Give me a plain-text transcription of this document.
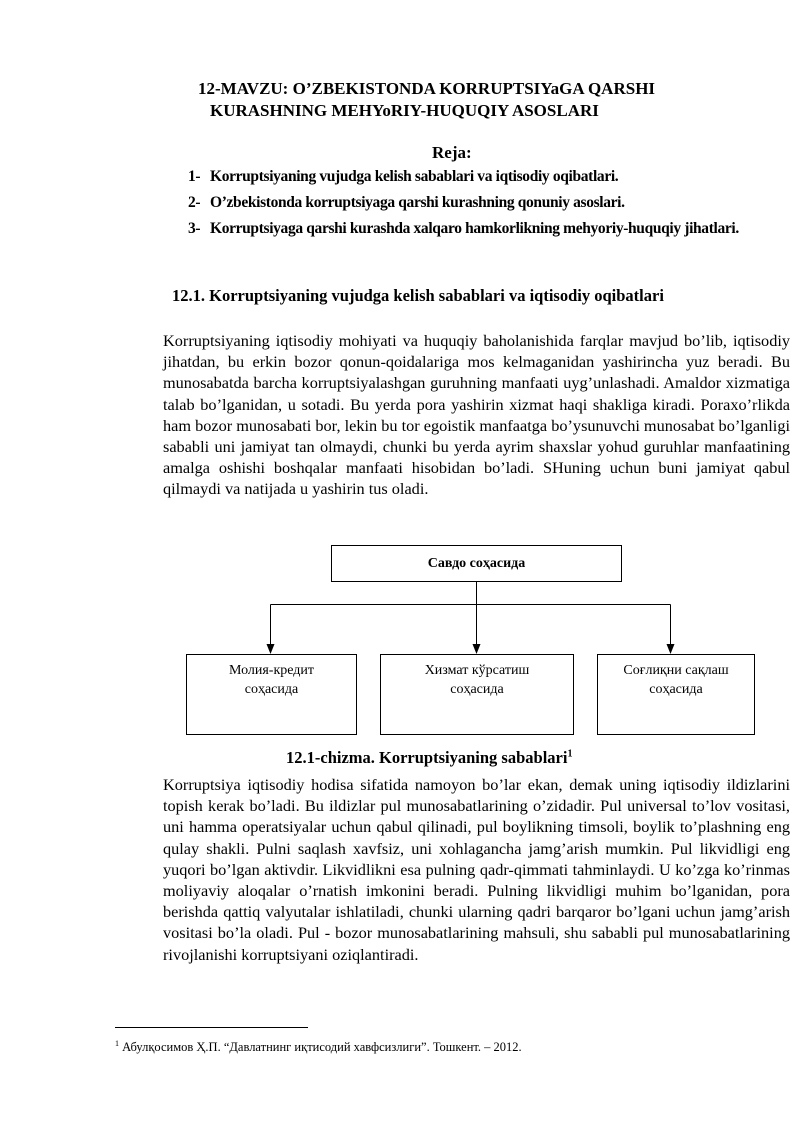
12-MAVZU: O’ZBEKISTONDA KORRUPTSIYaGA QARSHI
KURASHNING MEHYoRIY-HUQUQIY ASOSLARI
Reja:
1- Korruptsiyaning vujudga kelish sabablari va iqtisodiy oqibatlari.
2- O’zbekistonda korruptsiyaga qarshi kurashning qonuniy asoslari.
3- Korruptsiyaga qarshi kurashda xalqaro hamkorlikning mehyoriy-huquqiy jihatlari.
12.1. Korruptsiyaning vujudga kelish sabablari va iqtisodiy oqibatlari

Korruptsiyaning iqtisodiy mohiyati va huquqiy baholanishida farqlar mavjud bo’lib, iqtisodiy jihatdan, bu erkin bozor qonun-qoidalariga mos kelmaganidan yashirincha yuz beradi. Bu munosabatda barcha korruptsiyalashgan guruhning manfaati uyg’unlashadi. Amaldor xizmatiga talab bo’lganidan, u sotadi. Bu yerda pora yashirin xizmat haqi shakliga kiradi. Poraxo’rlikda ham bozor munosabati bor, lekin bu tor egoistik manfaatga bo’ysunuvchi munosabat bo’lganligi sababli uni jamiyat tan olmaydi, chunki bu yerda ayrim shaxslar yohud guruhlar manfaatining amalga oshishi boshqalar manfaati hisobidan bo’ladi. SHuning uchun buni jamiyat qabul qilmaydi va natijada u yashirin tus oladi.

Савдо соҳасида
Молия-кредит
соҳасида
Хизмат кўрсатиш
соҳасида
Соғлиқни сақлаш
соҳасида
12.1-chizma. Korruptsiyaning sabablari$^1$

Korruptsiya iqtisodiy hodisa sifatida namoyon bo’lar ekan, demak uning iqtisodiy ildizlarini topish kerak bo’ladi. Bu ildizlar pul munosabatlarining o’zidadir. Pul universal to’lov vositasi, uni hamma operatsiyalar uchun qabul qilinadi, pul boylikning timsoli, boylik to’plashning eng qulay shakli. Pulni saqlash xavfsiz, uni xohlagancha jamg’arish mumkin. Pul likvidligi eng yuqori bo’lgan aktivdir. Likvidlikni esa pulning qadr-qimmati tahminlaydi. U ko’zga ko’rinmas moliyaviy aloqalar o’rnatish imkonini beradi. Pulning likvidligi muhim bo’lganidan, pora berishda qattiq valyutalar ishlatiladi, chunki ularning qadri barqaror bo’lgani uchun jamg’arish vositasi bo’la oladi. Pul - bozor munosabatlarining mahsuli, shu sababli pul munosabatlarining rivojlanishi korruptsiyani oziqlantiradi.

$^1$ Абулқосимов Ҳ.П. “Давлатнинг иқтисодий хавфсизлиги”. Тошкент. – 2012.
